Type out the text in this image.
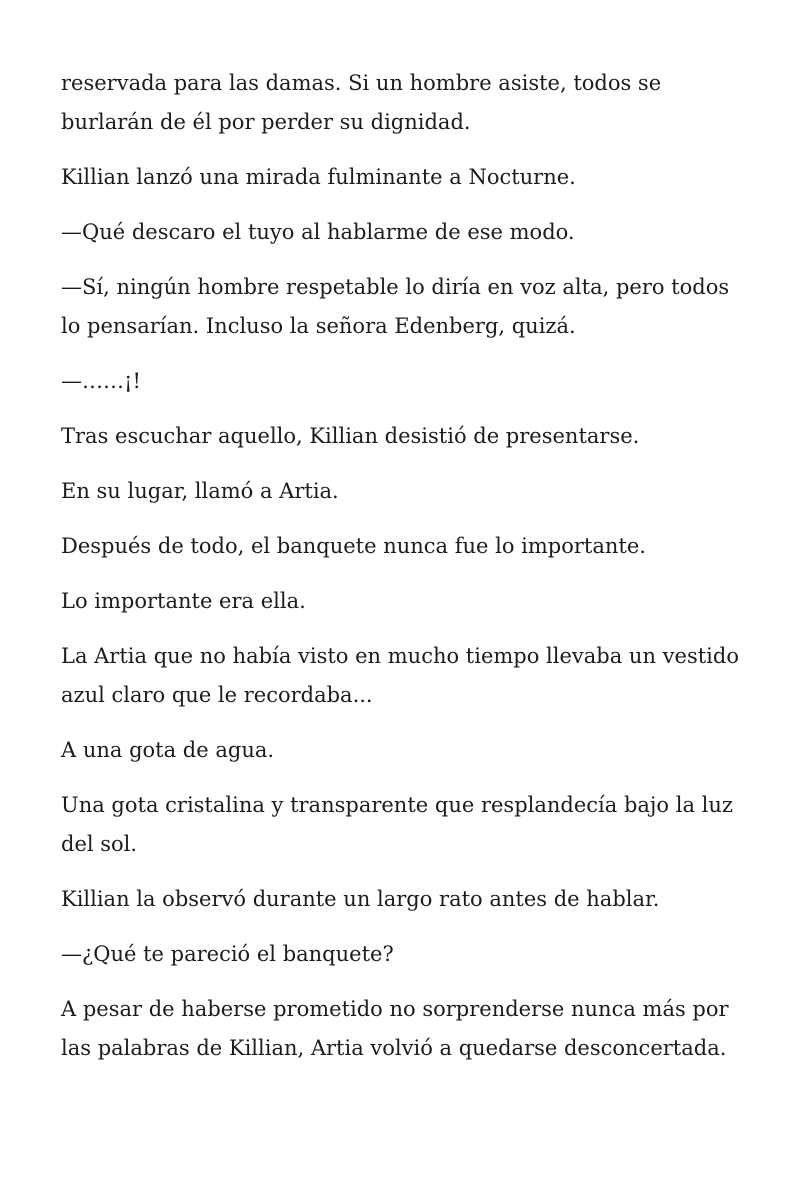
reservada para las damas. Si un hombre asiste, todos se burlarán de él por perder su dignidad.

Killian lanzó una mirada fulminante a Nocturne.

—Qué descaro el tuyo al hablarme de ese modo.

—Sí, ningún hombre respetable lo diría en voz alta, pero todos lo pensarían. Incluso la señora Edenberg, quizá.

—……¡!

Tras escuchar aquello, Killian desistió de presentarse.

En su lugar, llamó a Artia.

Después de todo, el banquete nunca fue lo importante.

Lo importante era ella.

La Artia que no había visto en mucho tiempo llevaba un vestido azul claro que le recordaba...

A una gota de agua.

Una gota cristalina y transparente que resplandecía bajo la luz del sol.

Killian la observó durante un largo rato antes de hablar.

—¿Qué te pareció el banquete?

A pesar de haberse prometido no sorprenderse nunca más por las palabras de Killian, Artia volvió a quedarse desconcertada.
